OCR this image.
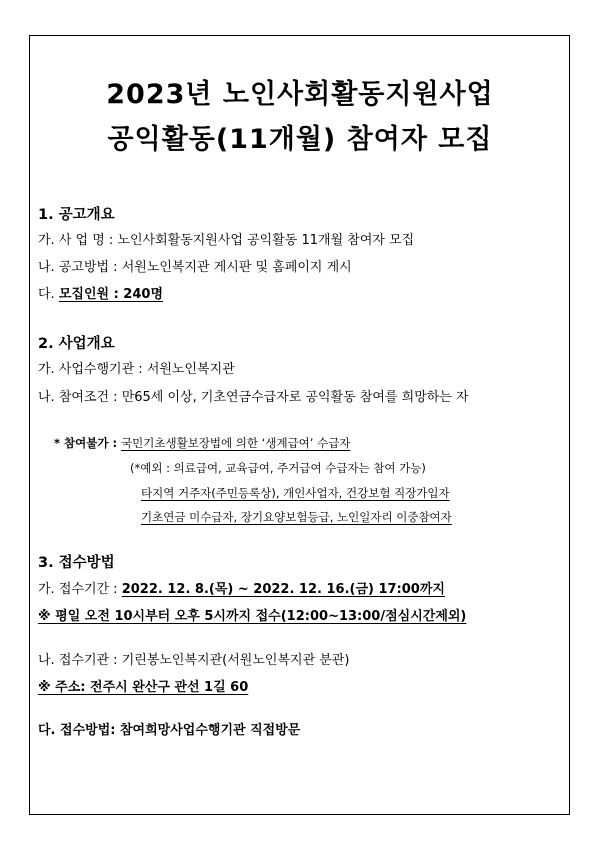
2023년 노인사회활동지원사업
공익활동(11개월) 참여자 모집
1. 공고개요
가. 사 업 명 : 노인사회활동지원사업 공익활동 11개월 참여자 모집
나. 공고방법 : 서원노인복지관 게시판 및 홈페이지 게시
다. 모집인원 : 240명
2. 사업개요
가. 사업수행기관 : 서원노인복지관
나. 참여조건 : 만65세 이상, 기초연금수급자로 공익활동 참여를 희망하는 자
* 참여불가 : 국민기초생활보장법에 의한 ‘생계급여’ 수급자
(*예외 : 의료급여, 교육급여, 주거급여 수급자는 참여 가능)
타지역 거주자(주민등록상), 개인사업자, 건강보험 직장가입자
기초연금 미수급자, 장기요양보험등급, 노인일자리 이중참여자
3. 접수방법
가. 접수기간 : 2022. 12. 8.(목) ~ 2022. 12. 16.(금) 17:00까지
※ 평일 오전 10시부터 오후 5시까지 접수(12:00~13:00/점심시간제외)
나. 접수기관 : 기린봉노인복지관(서원노인복지관 분관)
※ 주소: 전주시 완산구 관선 1길 60
다. 접수방법: 참여희망사업수행기관 직접방문
